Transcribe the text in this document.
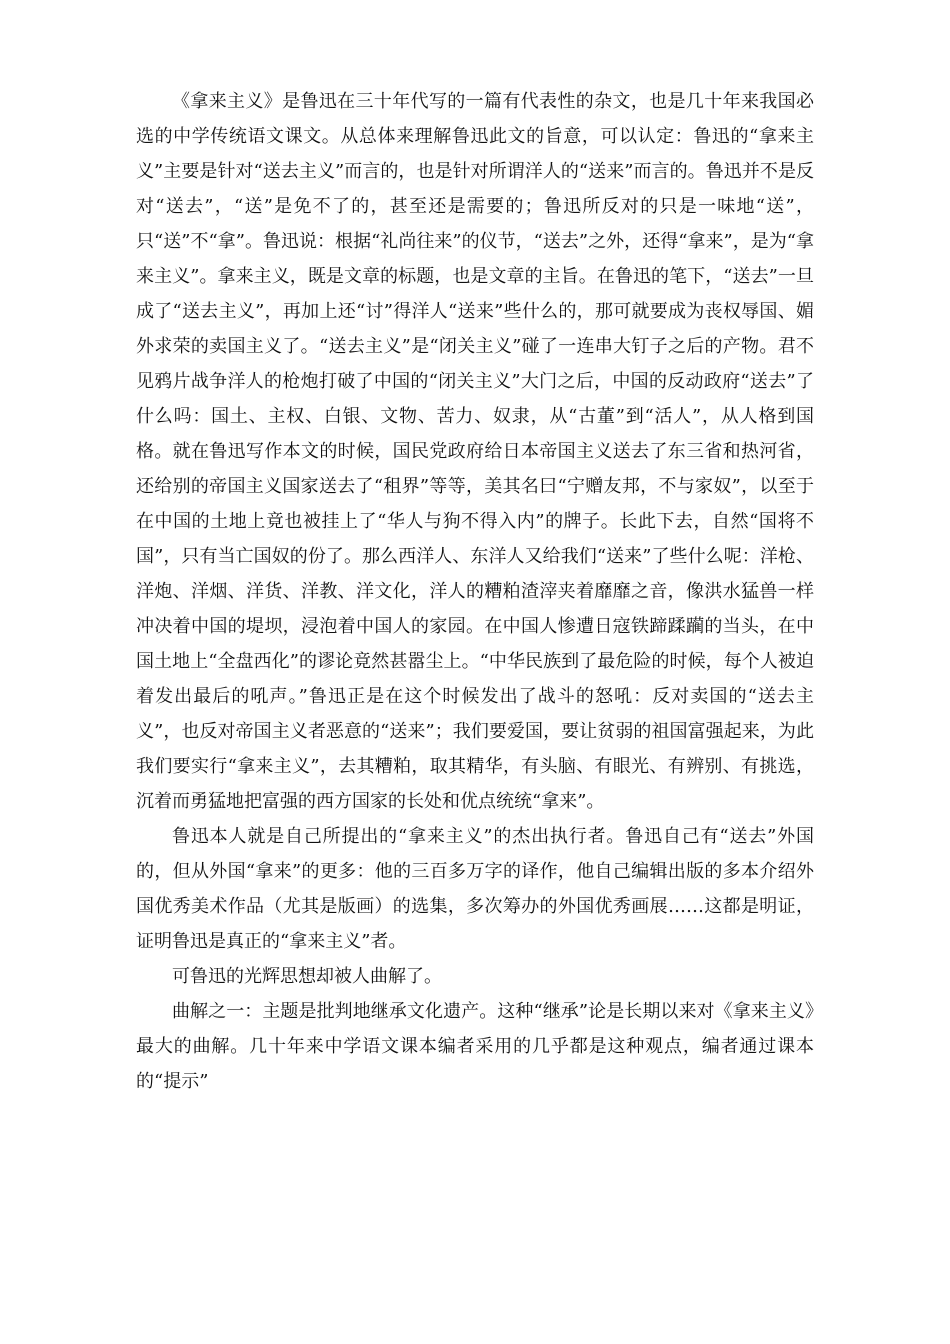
《拿来主义》是鲁迅在三十年代写的一篇有代表性的杂文，也是几十年来我国必选的中学传统语文课文。从总体来理解鲁迅此文的旨意，可以认定：鲁迅的“拿来主义”主要是针对“送去主义”而言的，也是针对所谓洋人的“送来”而言的。鲁迅并不是反对“送去”，“送”是免不了的，甚至还是需要的；鲁迅所反对的只是一味地“送”，只“送”不“拿”。鲁迅说：根据“礼尚往来”的仪节，“送去”之外，还得“拿来”，是为“拿来主义”。拿来主义，既是文章的标题，也是文章的主旨。在鲁迅的笔下，“送去”一旦成了“送去主义”，再加上还“讨”得洋人“送来”些什么的，那可就要成为丧权辱国、媚外求荣的卖国主义了。“送去主义”是“闭关主义”碰了一连串大钉子之后的产物。君不见鸦片战争洋人的枪炮打破了中国的“闭关主义”大门之后，中国的反动政府“送去”了什么吗：国土、主权、白银、文物、苦力、奴隶，从“古董”到“活人”，从人格到国格。就在鲁迅写作本文的时候，国民党政府给日本帝国主义送去了东三省和热河省，还给别的帝国主义国家送去了“租界”等等，美其名曰“宁赠友邦，不与家奴”，以至于在中国的土地上竟也被挂上了“华人与狗不得入内”的牌子。长此下去，自然“国将不国”，只有当亡国奴的份了。那么西洋人、东洋人又给我们“送来”了些什么呢：洋枪、洋炮、洋烟、洋货、洋教、洋文化，洋人的糟粕渣滓夹着靡靡之音，像洪水猛兽一样冲决着中国的堤坝，浸泡着中国人的家园。在中国人惨遭日寇铁蹄蹂躏的当头，在中国土地上“全盘西化”的谬论竟然甚嚣尘上。“中华民族到了最危险的时候，每个人被迫着发出最后的吼声。”鲁迅正是在这个时候发出了战斗的怒吼：反对卖国的“送去主义”，也反对帝国主义者恶意的“送来”；我们要爱国，要让贫弱的祖国富强起来，为此我们要实行“拿来主义”，去其糟粕，取其精华，有头脑、有眼光、有辨别、有挑选，沉着而勇猛地把富强的西方国家的长处和优点统统“拿来”。

鲁迅本人就是自己所提出的“拿来主义”的杰出执行者。鲁迅自己有“送去”外国的，但从外国“拿来”的更多：他的三百多万字的译作，他自己编辑出版的多本介绍外国优秀美术作品（尤其是版画）的选集，多次筹办的外国优秀画展……这都是明证，证明鲁迅是真正的“拿来主义”者。

可鲁迅的光辉思想却被人曲解了。

曲解之一：主题是批判地继承文化遗产。这种“继承”论是长期以来对《拿来主义》最大的曲解。几十年来中学语文课本编者采用的几乎都是这种观点，编者通过课本的“提示”
